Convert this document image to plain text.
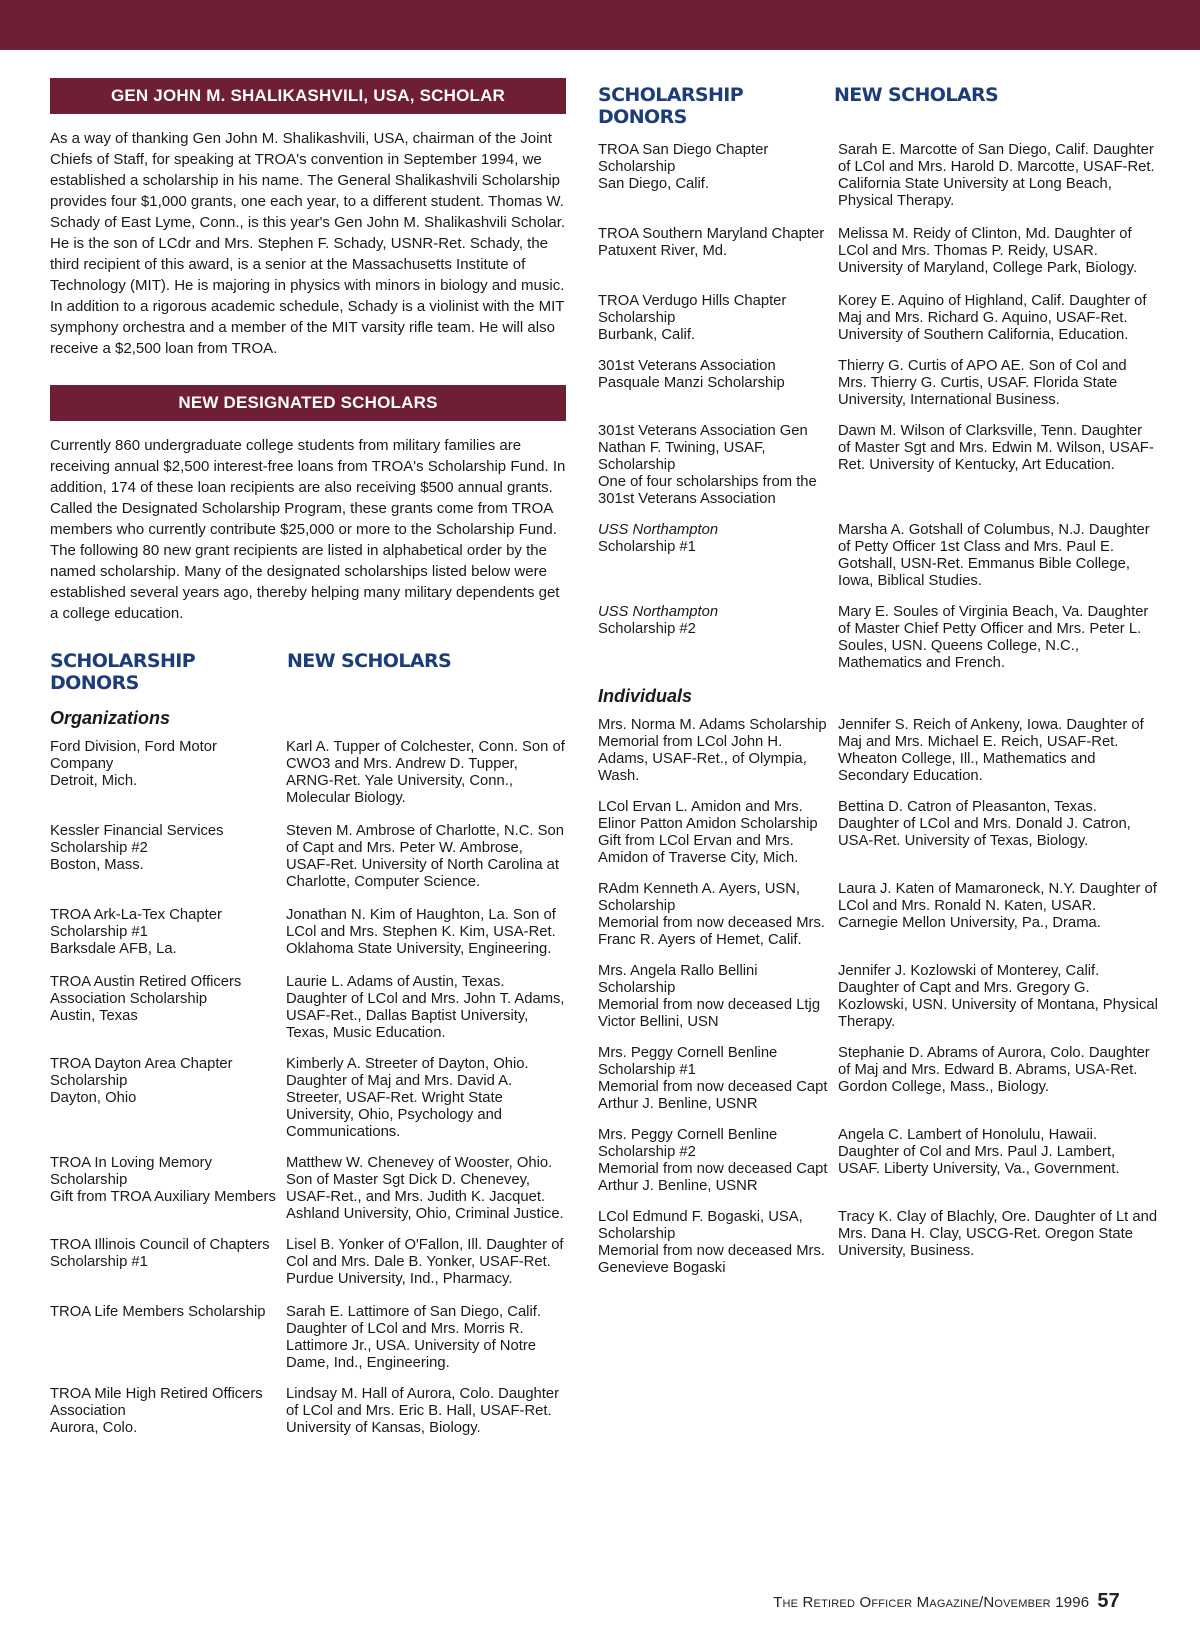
GEN JOHN M. SHALIKASHVILI, USA, SCHOLAR

As a way of thanking Gen John M. Shalikashvili, USA, chairman of the Joint Chiefs of Staff, for speaking at TROA's convention in September 1994, we established a scholarship in his name. The General Shalikashvili Scholarship provides four $1,000 grants, one each year, to a different student. Thomas W. Schady of East Lyme, Conn., is this year's Gen John M. Shalikashvili Scholar. He is the son of LCdr and Mrs. Stephen F. Schady, USNR-Ret. Schady, the third recipient of this award, is a senior at the Massachusetts Institute of Technology (MIT). He is majoring in physics with minors in biology and music. In addition to a rigorous academic schedule, Schady is a violinist with the MIT symphony orchestra and a member of the MIT varsity rifle team. He will also receive a $2,500 loan from TROA.

NEW DESIGNATED SCHOLARS

Currently 860 undergraduate college students from military families are receiving annual $2,500 interest-free loans from TROA's Scholarship Fund. In addition, 174 of these loan recipients are also receiving $500 annual grants. Called the Designated Scholarship Program, these grants come from TROA members who currently contribute $25,000 or more to the Scholarship Fund. The following 80 new grant recipients are listed in alphabetical order by the named scholarship. Many of the designated scholarships listed below were established several years ago, thereby helping many military dependents get a college education.

SCHOLARSHIP DONORS
NEW SCHOLARS
Organizations
Ford Division, Ford Motor Company
Detroit, Mich.
Karl A. Tupper of Colchester, Conn. Son of CWO3 and Mrs. Andrew D. Tupper, ARNG-Ret. Yale University, Conn., Molecular Biology.
Kessler Financial Services Scholarship #2
Boston, Mass.
Steven M. Ambrose of Charlotte, N.C. Son of Capt and Mrs. Peter W. Ambrose, USAF-Ret. University of North Carolina at Charlotte, Computer Science.
TROA Ark-La-Tex Chapter Scholarship #1
Barksdale AFB, La.
Jonathan N. Kim of Haughton, La. Son of LCol and Mrs. Stephen K. Kim, USA-Ret. Oklahoma State University, Engineering.
TROA Austin Retired Officers Association Scholarship
Austin, Texas
Laurie L. Adams of Austin, Texas. Daughter of LCol and Mrs. John T. Adams, USAF-Ret., Dallas Baptist University, Texas, Music Education.
TROA Dayton Area Chapter Scholarship
Dayton, Ohio
Kimberly A. Streeter of Dayton, Ohio. Daughter of Maj and Mrs. David A. Streeter, USAF-Ret. Wright State University, Ohio, Psychology and Communications.
TROA In Loving Memory Scholarship
Gift from TROA Auxiliary Members
Matthew W. Chenevey of Wooster, Ohio. Son of Master Sgt Dick D. Chenevey, USAF-Ret., and Mrs. Judith K. Jacquet. Ashland University, Ohio, Criminal Justice.
TROA Illinois Council of Chapters Scholarship #1
Lisel B. Yonker of O'Fallon, Ill. Daughter of Col and Mrs. Dale B. Yonker, USAF-Ret. Purdue University, Ind., Pharmacy.
TROA Life Members Scholarship	Sarah E. Lattimore of San Diego, Calif. Daughter of LCol and Mrs. Morris R. Lattimore Jr., USA. University of Notre Dame, Ind., Engineering.
TROA Mile High Retired Officers Association
Aurora, Colo.
Lindsay M. Hall of Aurora, Colo. Daughter of LCol and Mrs. Eric B. Hall, USAF-Ret. University of Kansas, Biology.
SCHOLARSHIP DONORS
NEW SCHOLARS
TROA San Diego Chapter Scholarship
San Diego, Calif.
Sarah E. Marcotte of San Diego, Calif. Daughter of LCol and Mrs. Harold D. Marcotte, USAF-Ret. California State University at Long Beach, Physical Therapy.
TROA Southern Maryland Chapter
Patuxent River, Md.
Melissa M. Reidy of Clinton, Md. Daughter of LCol and Mrs. Thomas P. Reidy, USAR. University of Maryland, College Park, Biology.
TROA Verdugo Hills Chapter Scholarship
Burbank, Calif.
Korey E. Aquino of Highland, Calif. Daughter of Maj and Mrs. Richard G. Aquino, USAF-Ret. University of Southern California, Education.
301st Veterans Association Pasquale Manzi Scholarship
Thierry G. Curtis of APO AE. Son of Col and Mrs. Thierry G. Curtis, USAF. Florida State University, International Business.
301st Veterans Association Gen Nathan F. Twining, USAF, Scholarship
One of four scholarships from the 301st Veterans Association
Dawn M. Wilson of Clarksville, Tenn. Daughter of Master Sgt and Mrs. Edwin M. Wilson, USAF-Ret. University of Kentucky, Art Education.
USS Northampton
Scholarship #1
Marsha A. Gotshall of Columbus, N.J. Daughter of Petty Officer 1st Class and Mrs. Paul E. Gotshall, USN-Ret. Emmanus Bible College, Iowa, Biblical Studies.
USS Northampton
Scholarship #2
Mary E. Soules of Virginia Beach, Va. Daughter of Master Chief Petty Officer and Mrs. Peter L. Soules, USN. Queens College, N.C., Mathematics and French.
Individuals
Mrs. Norma M. Adams Scholarship
Memorial from LCol John H. Adams, USAF-Ret., of Olympia, Wash.
Jennifer S. Reich of Ankeny, Iowa. Daughter of Maj and Mrs. Michael E. Reich, USAF-Ret. Wheaton College, Ill., Mathematics and Secondary Education.
LCol Ervan L. Amidon and Mrs. Elinor Patton Amidon Scholarship
Gift from LCol Ervan and Mrs. Amidon of Traverse City, Mich.
Bettina D. Catron of Pleasanton, Texas. Daughter of LCol and Mrs. Donald J. Catron, USA-Ret. University of Texas, Biology.
RAdm Kenneth A. Ayers, USN, Scholarship
Memorial from now deceased Mrs. Franc R. Ayers of Hemet, Calif.
Laura J. Katen of Mamaroneck, N.Y. Daughter of LCol and Mrs. Ronald N. Katen, USAR. Carnegie Mellon University, Pa., Drama.
Mrs. Angela Rallo Bellini Scholarship
Memorial from now deceased Ltjg Victor Bellini, USN
Jennifer J. Kozlowski of Monterey, Calif. Daughter of Capt and Mrs. Gregory G. Kozlowski, USN. University of Montana, Physical Therapy.
Mrs. Peggy Cornell Benline Scholarship #1
Memorial from now deceased Capt Arthur J. Benline, USNR
Stephanie D. Abrams of Aurora, Colo. Daughter of Maj and Mrs. Edward B. Abrams, USA-Ret. Gordon College, Mass., Biology.
Mrs. Peggy Cornell Benline Scholarship #2
Memorial from now deceased Capt Arthur J. Benline, USNR
Angela C. Lambert of Honolulu, Hawaii. Daughter of Col and Mrs. Paul J. Lambert, USAF. Liberty University, Va., Government.
LCol Edmund F. Bogaski, USA, Scholarship
Memorial from now deceased Mrs. Genevieve Bogaski
Tracy K. Clay of Blachly, Ore. Daughter of Lt and Mrs. Dana H. Clay, USCG-Ret. Oregon State University, Business.
The Retired Officer Magazine/November 1996 57
